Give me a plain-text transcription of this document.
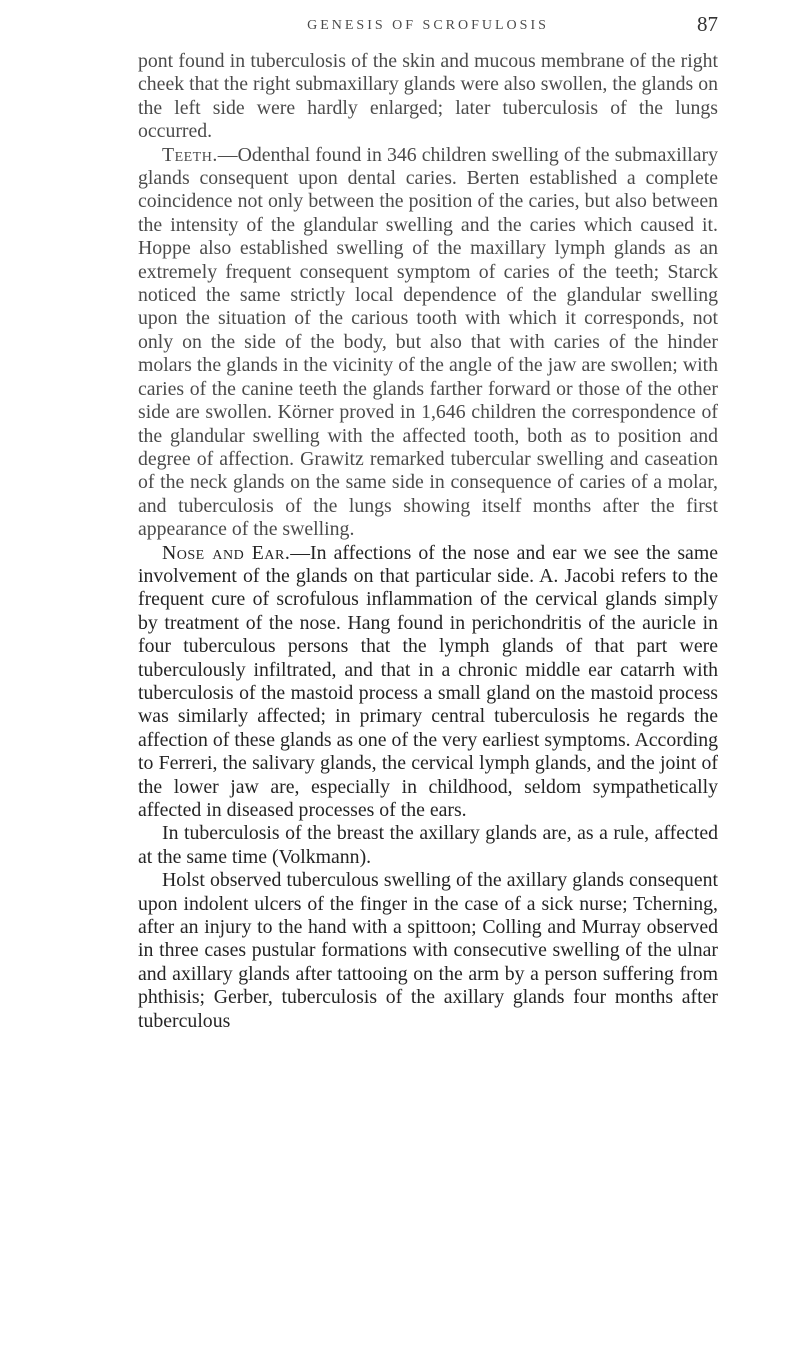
GENESIS OF SCROFULOSIS	87

pont found in tuberculosis of the skin and mucous membrane of the right cheek that the right submaxillary glands were also swollen, the glands on the left side were hardly enlarged; later tuberculosis of the lungs occurred.

Teeth.—Odenthal found in 346 children swelling of the submaxillary glands consequent upon dental caries. Berten established a complete coincidence not only between the position of the caries, but also between the intensity of the glandular swelling and the caries which caused it. Hoppe also established swelling of the maxillary lymph glands as an extremely frequent consequent symptom of caries of the teeth; Starck noticed the same strictly local dependence of the glandular swelling upon the situation of the carious tooth with which it corresponds, not only on the side of the body, but also that with caries of the hinder molars the glands in the vicinity of the angle of the jaw are swollen; with caries of the canine teeth the glands farther forward or those of the other side are swollen. Körner proved in 1,646 children the correspondence of the glandular swelling with the affected tooth, both as to position and degree of affection. Grawitz remarked tubercular swelling and caseation of the neck glands on the same side in consequence of caries of a molar, and tuberculosis of the lungs showing itself months after the first appearance of the swelling.

Nose and Ear.—In affections of the nose and ear we see the same involvement of the glands on that particular side. A. Jacobi refers to the frequent cure of scrofulous inflammation of the cervical glands simply by treatment of the nose. Hang found in perichondritis of the auricle in four tuberculous persons that the lymph glands of that part were tuberculously infiltrated, and that in a chronic middle ear catarrh with tuberculosis of the mastoid process a small gland on the mastoid process was similarly affected; in primary central tuberculosis he regards the affection of these glands as one of the very earliest symptoms. According to Ferreri, the salivary glands, the cervical lymph glands, and the joint of the lower jaw are, especially in childhood, seldom sympathetically affected in diseased processes of the ears.

In tuberculosis of the breast the axillary glands are, as a rule, affected at the same time (Volkmann).

Holst observed tuberculous swelling of the axillary glands consequent upon indolent ulcers of the finger in the case of a sick nurse; Tcherning, after an injury to the hand with a spittoon; Colling and Murray observed in three cases pustular formations with consecutive swelling of the ulnar and axillary glands after tattooing on the arm by a person suffering from phthisis; Gerber, tuberculosis of the axillary glands four months after tuberculous
